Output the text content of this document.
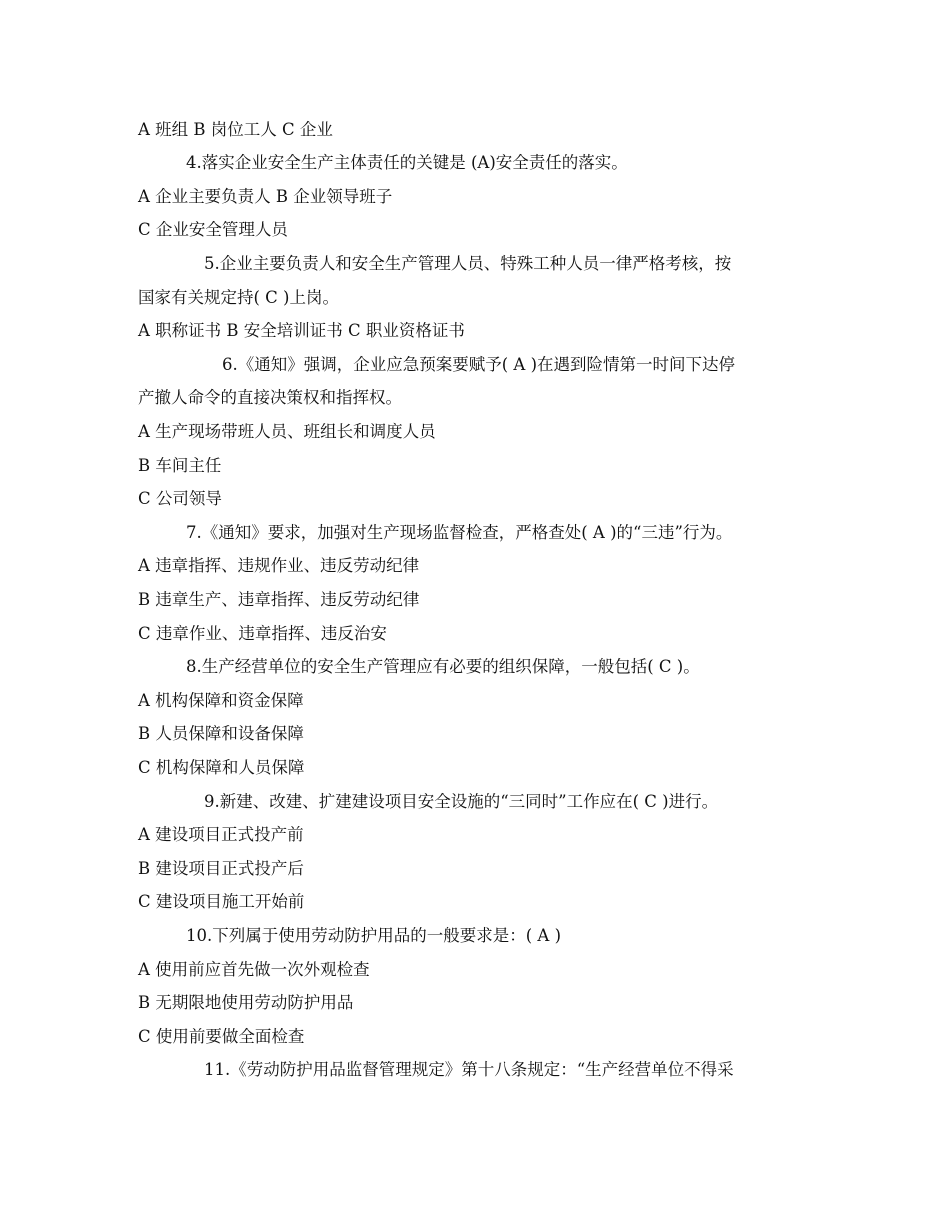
A 班组 B 岗位工人 C 企业
4.落实企业安全生产主体责任的关键是 (A)安全责任的落实。
A 企业主要负责人 B 企业领导班子
C 企业安全管理人员
5.企业主要负责人和安全生产管理人员、特殊工种人员一律严格考核，按
国家有关规定持( C )上岗。
A 职称证书 B 安全培训证书 C 职业资格证书
6.《通知》强调，企业应急预案要赋予( A )在遇到险情第一时间下达停
产撤人命令的直接决策权和指挥权。
A 生产现场带班人员、班组长和调度人员
B 车间主任
C 公司领导
7.《通知》要求，加强对生产现场监督检查，严格查处( A )的“三违”行为。
A 违章指挥、违规作业、违反劳动纪律
B 违章生产、违章指挥、违反劳动纪律
C 违章作业、违章指挥、违反治安
8.生产经营单位的安全生产管理应有必要的组织保障，一般包括( C )。
A 机构保障和资金保障
B 人员保障和设备保障
C 机构保障和人员保障
9.新建、改建、扩建建设项目安全设施的“三同时”工作应在( C )进行。
A 建设项目正式投产前
B 建设项目正式投产后
C 建设项目施工开始前
10.下列属于使用劳动防护用品的一般要求是：( A )
A 使用前应首先做一次外观检查
B 无期限地使用劳动防护用品
C 使用前要做全面检查
11.《劳动防护用品监督管理规定》第十八条规定：“生产经营单位不得采
